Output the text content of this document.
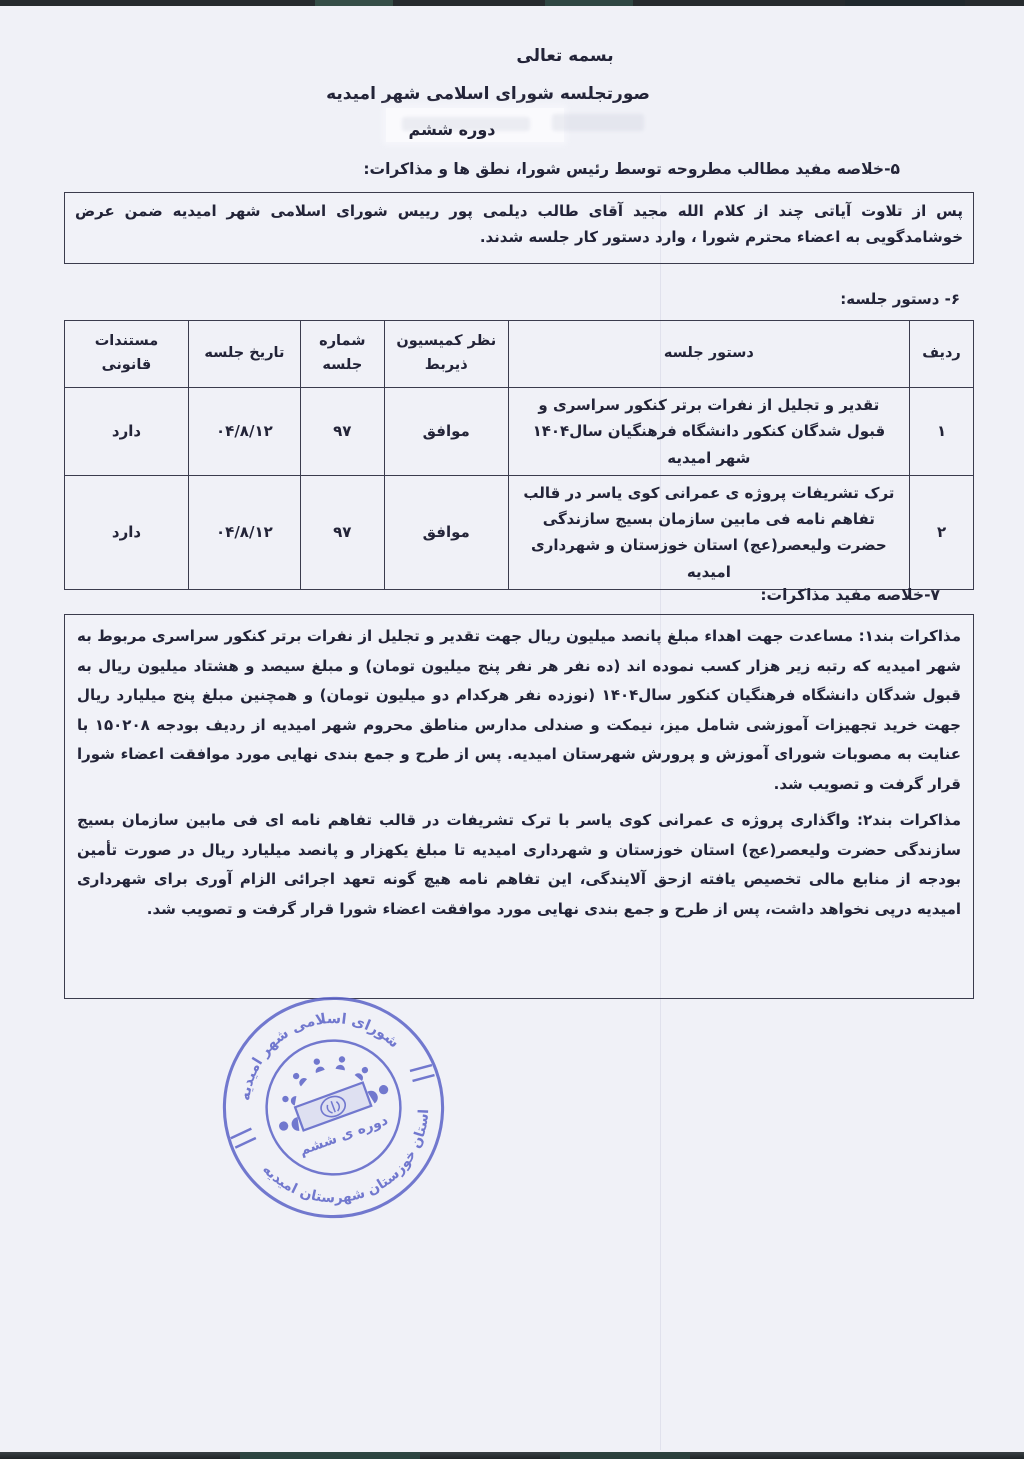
بسمه تعالی
صورتجلسه شورای اسلامی شهر امیدیه
دوره ششم
۵-خلاصه مفید مطالب مطروحه توسط رئیس شورا، نطق ها و مذاکرات:
پس از تلاوت آیاتی چند از کلام الله مجید آقای طالب دیلمی پور رییس شورای اسلامی شهر امیدیه ضمن عرض خوشامدگویی به اعضاء محترم شورا ، وارد دستور کار جلسه شدند.
۶- دستور جلسه:
ردیف	دستور جلسه	نظر کمیسیون ذیربط	شماره جلسه	تاریخ جلسه	مستندات قانونی
۱	تقدیر و تجلیل از نفرات برتر کنکور سراسری و قبول شدگان کنکور دانشگاه فرهنگیان سال۱۴۰۴ شهر امیدیه	موافق	۹۷	۰۴/۸/۱۲	دارد
۲	ترک تشریفات پروژه ی عمرانی کوی یاسر در قالب تفاهم نامه فی مابین سازمان بسیج سازندگی حضرت ولیعصر(عج) استان خوزستان و شهرداری امیدیه	موافق	۹۷	۰۴/۸/۱۲	دارد
۷-خلاصه مفید مذاکرات:

مذاکرات بند۱: مساعدت جهت اهداء مبلغ پانصد میلیون ریال جهت تقدیر و تجلیل از نفرات برتر کنکور سراسری مربوط به شهر امیدیه که رتبه زیر هزار کسب نموده اند (ده نفر هر نفر پنج میلیون تومان) و مبلغ سیصد و هشتاد میلیون ریال به قبول شدگان دانشگاه فرهنگیان کنکور سال۱۴۰۴ (نوزده نفر هرکدام دو میلیون تومان) و همچنین مبلغ پنج میلیارد ریال جهت خرید تجهیزات آموزشی شامل میز، نیمکت و صندلی مدارس مناطق محروم شهر امیدیه از ردیف بودجه ۱۵۰۲۰۸ با عنایت به مصوبات شورای آموزش و پرورش شهرستان امیدیه. پس از طرح و جمع بندی نهایی مورد موافقت اعضاء شورا قرار گرفت و تصویب شد.

مذاکرات بند۲: واگذاری پروژه ی عمرانی کوی یاسر با ترک تشریفات در قالب تفاهم نامه ای فی مابین سازمان بسیج سازندگی حضرت ولیعصر(عج) استان خوزستان و شهرداری امیدیه تا مبلغ یکهزار و پانصد میلیارد ریال در صورت تأمین بودجه از منابع مالی تخصیص یافته ازحق آلایندگی، این تفاهم نامه هیچ گونه تعهد اجرائی الزام آوری برای شهرداری امیدیه درپی نخواهد داشت، پس از طرح و جمع بندی نهایی مورد موافقت اعضاء شورا قرار گرفت و تصویب شد.

شورای اسلامی شهر امیدیه
استان خوزستان شهرستان امیدیه
دوره ی ششم
